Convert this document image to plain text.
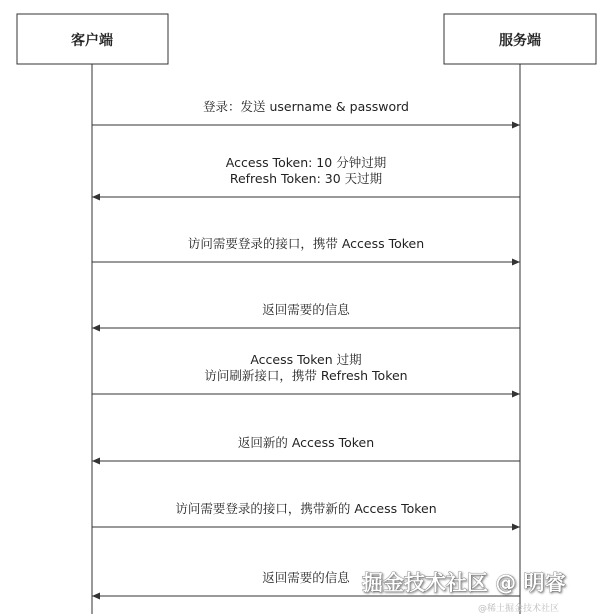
客户端	服务端
登录：发送 username & password
Access Token: 10 分钟过期
Refresh Token: 30 天过期
访问需要登录的接口，携带 Access Token
返回需要的信息
Access Token 过期
访问刷新接口，携带 Refresh Token
返回新的 Access Token
访问需要登录的接口，携带新的 Access Token
返回需要的信息
@稀土掘金技术社区
掘金技术社区 @ 明睿
